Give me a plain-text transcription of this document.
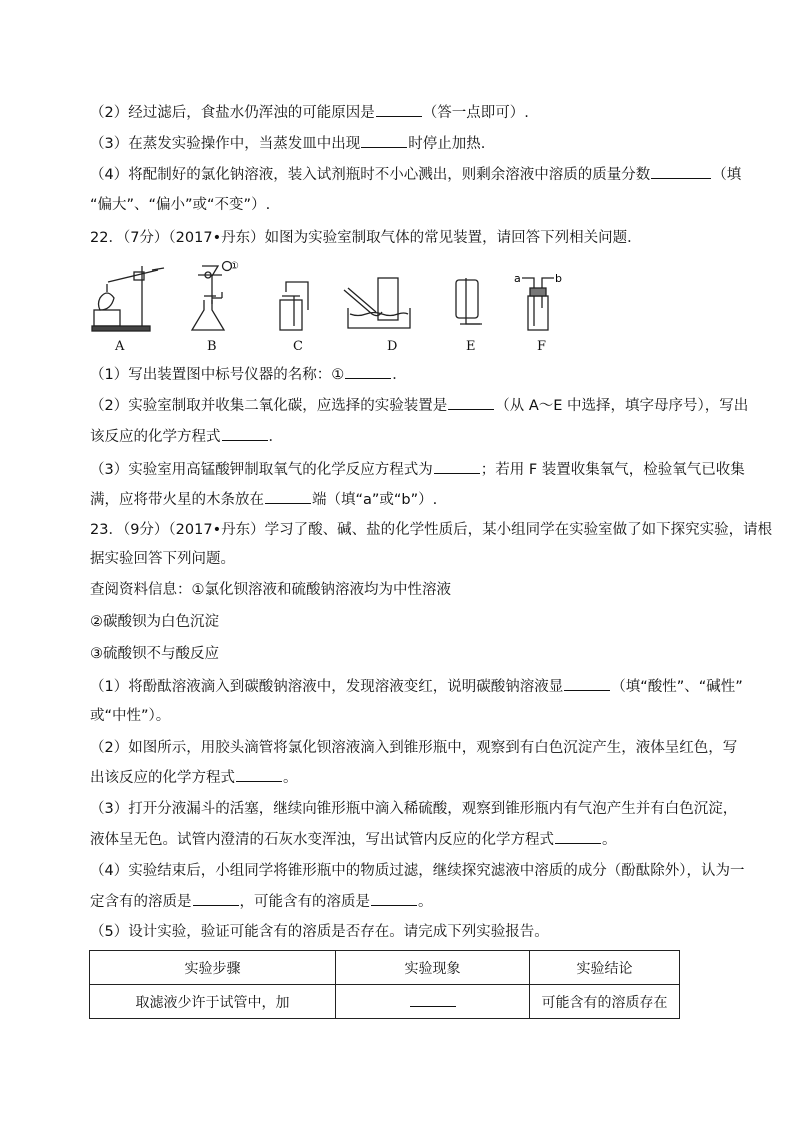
（2）经过滤后，食盐水仍浑浊的可能原因是	（答一点即可）.
（3）在蒸发实验操作中，当蒸发皿中出现	时停止加热.
（4）将配制好的氯化钠溶液，装入试剂瓶时不小心溅出，则剩余溶液中溶质的质量分数	（填
“偏大”、“偏小”或“不变”）.
22．（7分）（2017•丹东）如图为实验室制取气体的常见装置，请回答下列相关问题．
①
a	b
A	B	C	D	E	F
（1）写出装置图中标号仪器的名称：①	．
（2）实验室制取并收集二氧化碳，应选择的实验装置是	（从 A～E 中选择，填字母序号），写出
该反应的化学方程式	．
（3）实验室用高锰酸钾制取氧气的化学反应方程式为	；若用 F 装置收集氧气，检验氧气已收集
满，应将带火星的木条放在	端（填“a”或“b”）.
23．（9分）（2017•丹东）学习了酸、碱、盐的化学性质后，某小组同学在实验室做了如下探究实验，请根
据实验回答下列问题。
查阅资料信息：①氯化钡溶液和硫酸钠溶液均为中性溶液
②碳酸钡为白色沉淀
③硫酸钡不与酸反应
（1）将酚酞溶液滴入到碳酸钠溶液中，发现溶液变红，说明碳酸钠溶液显	（填“酸性”、“碱性”
或“中性”）。
（2）如图所示，用胶头滴管将氯化钡溶液滴入到锥形瓶中，观察到有白色沉淀产生，液体呈红色，写
出该反应的化学方程式	。
（3）打开分液漏斗的活塞，继续向锥形瓶中滴入稀硫酸，观察到锥形瓶内有气泡产生并有白色沉淀，
液体呈无色。试管内澄清的石灰水变浑浊，写出试管内反应的化学方程式	。
（4）实验结束后，小组同学将锥形瓶中的物质过滤，继续探究滤液中溶质的成分（酚酞除外），认为一
定含有的溶质是	，可能含有的溶质是	。
（5）设计实验，验证可能含有的溶质是否存在。请完成下列实验报告。
实验步骤	实验现象	实验结论
取滤液少许于试管中，加		可能含有的溶质存在
